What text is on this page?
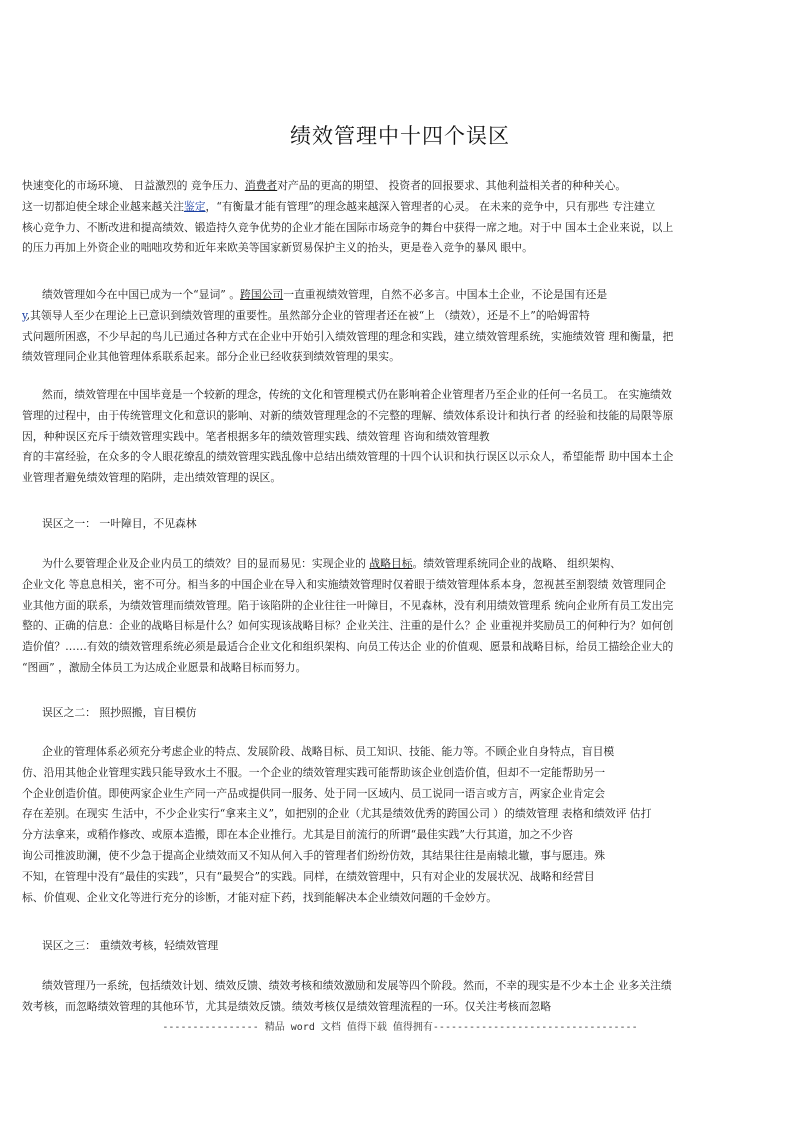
绩效管理中十四个误区
快速变化的市场环境、 日益激烈的 竞争压力、消费者对产品的更高的期望、 投资者的回报要求、其他利益相关者的种种关心。
这一切都迫使全球企业越来越关注鉴定，“有衡量才能有管理”的理念越来越深入管理者的心灵。 在未来的竞争中，只有那些 专注建立
核心竞争力、不断改进和提高绩效、锻造持久竞争优势的企业才能在国际市场竞争的舞台中获得一席之地。对于中 国本土企业来说，以上
的压力再加上外资企业的咄咄攻势和近年来欧美等国家新贸易保护主义的抬头，更是卷入竞争的暴风 眼中。
绩效管理如今在中国已成为一个“显词” 。跨国公司一直重视绩效管理，自然不必多言。中国本土企业，不论是国有还是
y,其领导人至少在理论上已意识到绩效管理的重要性。虽然部分企业的管理者还在被“上 （绩效），还是不上”的哈姆雷特
式问题所困惑，不少早起的鸟儿已通过各种方式在企业中开始引入绩效管理的理念和实践，建立绩效管理系统，实施绩效管 理和衡量，把
绩效管理同企业其他管理体系联系起来。部分企业已经收获到绩效管理的果实。
然而，绩效管理在中国毕竟是一个较新的理念，传统的文化和管理模式仍在影响着企业管理者乃至企业的任何一名员工。 在实施绩效
管理的过程中，由于传统管理文化和意识的影响、对新的绩效管理理念的不完整的理解、绩效体系设计和执行者 的经验和技能的局限等原
因，种种误区充斥于绩效管理实践中。笔者根据多年的绩效管理实践、绩效管理 咨询和绩效管理教
育的丰富经验，在众多的令人眼花缭乱的绩效管理实践乱像中总结出绩效管理的十四个认识和执行误区以示众人，希望能帮 助中国本土企
业管理者避免绩效管理的陷阱，走出绩效管理的误区。
误区之一： 一叶障目，不见森林
为什么要管理企业及企业内员工的绩效？目的显而易见：实现企业的 战略目标。绩效管理系统同企业的战略、 组织架构、
企业文化 等息息相关，密不可分。相当多的中国企业在导入和实施绩效管理时仅着眼于绩效管理体系本身，忽视甚至割裂绩 效管理同企
业其他方面的联系，为绩效管理而绩效管理。陷于该陷阱的企业往往一叶障目，不见森林，没有利用绩效管理系 统向企业所有员工发出完
整的、正确的信息：企业的战略目标是什么？如何实现该战略目标？企业关注、注重的是什么？企 业重视并奖励员工的何种行为？如何创
造价值？……有效的绩效管理系统必须是最适合企业文化和组织架构、向员工传达企 业的价值观、愿景和战略目标，给员工描绘企业大的
“图画” ，激励全体员工为达成企业愿景和战略目标而努力。
误区之二： 照抄照搬，盲目模仿
企业的管理体系必须充分考虑企业的特点、发展阶段、战略目标、员工知识、技能、能力等。不顾企业自身特点，盲目模
仿、沿用其他企业管理实践只能导致水土不服。一个企业的绩效管理实践可能帮助该企业创造价值，但却不一定能帮助另一
个企业创造价值。即使两家企业生产同一产品或提供同一服务、处于同一区域内、员工说同一语言或方言，两家企业肯定会
存在差别。在现实 生活中，不少企业实行“拿来主义”，如把别的企业（尤其是绩效优秀的跨国公司 ）的绩效管理 表格和绩效评 估打
分方法拿来，或稍作修改、或原本造搬，即在本企业推行。尤其是目前流行的所谓“最佳实践”大行其道，加之不少咨
询公司推波助澜，使不少急于提高企业绩效而又不知从何入手的管理者们纷纷仿效，其结果往往是南辕北辙，事与愿违。殊
不知，在管理中没有“最佳的实践”，只有“最契合”的实践。同样，在绩效管理中，只有对企业的发展状况、战略和经营目
标、价值观、企业文化等进行充分的诊断，才能对症下药，找到能解决本企业绩效问题的千金妙方。
误区之三： 重绩效考核，轻绩效管理
绩效管理乃一系统，包括绩效计划、绩效反馈、绩效考核和绩效激励和发展等四个阶段。然而，不幸的现实是不少本土企 业多关注绩
效考核，而忽略绩效管理的其他环节，尤其是绩效反馈。绩效考核仅是绩效管理流程的一环。仅关注考核而忽略
---------------- 精品 word 文档 值得下载 值得拥有----------------------------------
